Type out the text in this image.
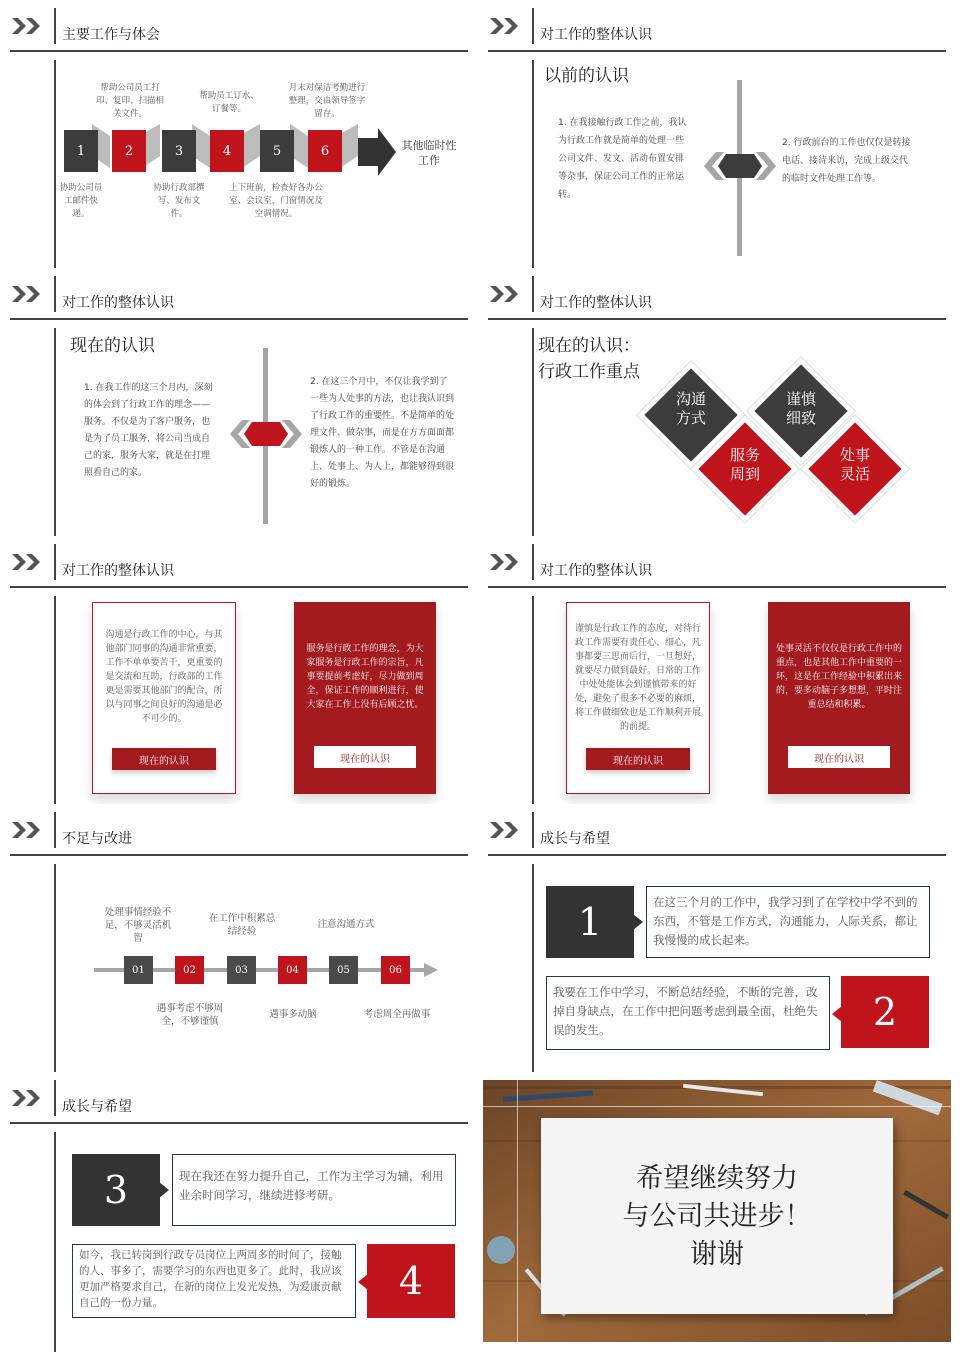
主要工作与体会
帮助公司员工打印、复印、扫描相关文件。
帮助员工订水、订餐等。
月末对保洁考勤进行整理，交由领导签字留存。
1	2	3	4	5	6	其他临时性工作
协助公司员工邮件快递。
协助行政部撰写、发布文件。
上下班前，检查好各办公室、会议室，门窗情况及空调情况。
对工作的整体认识
以前的认识
1. 在我接触行政工作之前，我认为行政工作就是简单的处理一些公司文件、发文、活动布置安排等杂事，保证公司工作的正常运转。
2. 行政前台的工作也仅仅是转接电话、接待来访，完成上级交代的临时文件处理工作等。
对工作的整体认识
现在的认识
1. 在我工作的这三个月内，深刻的体会到了行政工作的理念——服务。不仅是为了客户服务，也是为了员工服务，将公司当成自己的家，服务大家，就是在打理照看自己的家。
2. 在这三个月中，不仅让我学到了一些为人处事的方法，也让我认识到了行政工作的重要性。不是简单的处理文件、做杂事，而是在方方面面都锻炼人的一种工作。不管是在沟通上、处事上、为人上，都能够得到很好的锻炼。
对工作的整体认识
现在的认识：
行政工作重点
沟通方式
谨慎细致
服务周到
处事灵活
对工作的整体认识
沟通是行政工作的中心，与其他部门同事的沟通非常重要，工作不单单要苦干，更重要的是交流和互助，行政部的工作更是需要其他部门的配合，所以与同事之间良好的沟通是必不可少的。
现在的认识
服务是行政工作的理念，为大家服务是行政工作的宗旨，凡事要提前考虑好，尽力做到周全，保证工作的顺利进行，使大家在工作上没有后顾之忧。
现在的认识
对工作的整体认识
谨慎是行政工作的态度，对待行政工作需要有责任心、细心，凡事都要三思而后行，一旦想好，就要尽力做到最好。日常的工作中处处能体会到谨慎带来的好处，避免了很多不必要的麻烦，将工作做细致也是工作顺利开展的前提。
现在的认识
处事灵活不仅仅是行政工作中的重点，也是其他工作中重要的一环，这是在工作经验中积累出来的，要多动脑子多想想，平时注重总结和积累。
现在的认识
不足与改进
处理事情经验不足，不够灵活机智
在工作中积累总结经验
注意沟通方式
01	02	03	04	05	06
遇事考虑不够周全，不够谨慎
遇事多动脑	考虑周全再做事
成长与希望
1	在这三个月的工作中，我学习到了在学校中学不到的东西，不管是工作方式，沟通能力，人际关系，都让我慢慢的成长起来。
我要在工作中学习，不断总结经验，不断的完善，改掉自身缺点，在工作中把问题考虑到最全面，杜绝失误的发生。	2
成长与希望
3	现在我还在努力提升自己，工作为主学习为辅，利用业余时间学习，继续进修考研。
如今，我已转岗到行政专员岗位上两周多的时间了，接触的人、事多了，需要学习的东西也更多了。此时，我应该更加严格要求自己，在新的岗位上发光发热，为爱康贡献自己的一份力量。	4
希望继续努力
与公司共进步！
谢谢
